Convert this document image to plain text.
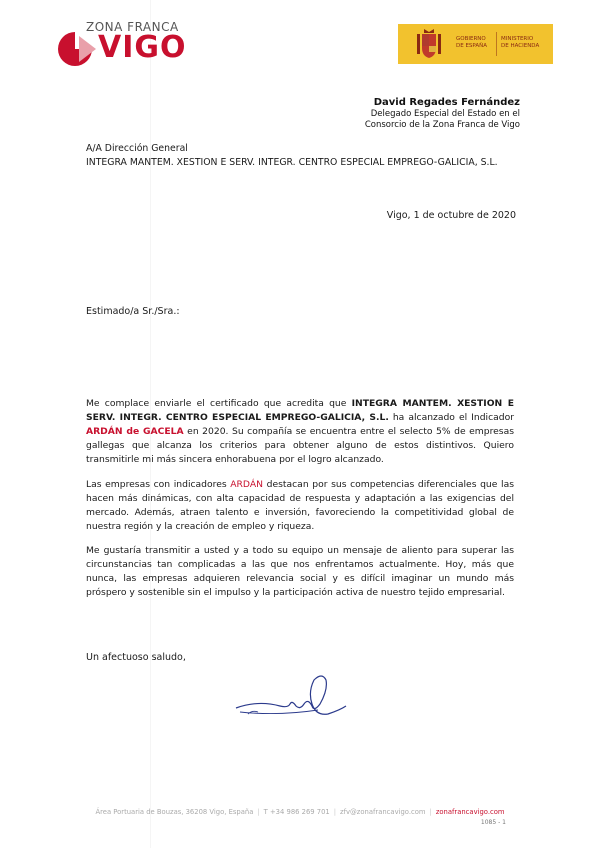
ZONA FRANCA
VIGO	GOBIERNO
DE ESPAÑA
MINISTERIO
DE HACIENDA
David Regades Fernández
Delegado Especial del Estado en el
Consorcio de la Zona Franca de Vigo
A/A Dirección General
INTEGRA MANTEM. XESTION E SERV. INTEGR. CENTRO ESPECIAL EMPREGO-GALICIA, S.L.
Vigo, 1 de octubre de 2020
Estimado/a Sr./Sra.:
Me complace enviarle el certificado que acredita que INTEGRA MANTEM. XESTION E SERV. INTEGR. CENTRO ESPECIAL EMPREGO-GALICIA, S.L. ha alcanzado el Indicador ARDÁN de GACELA en 2020. Su compañía se encuentra entre el selecto 5% de empresas gallegas que alcanza los criterios para obtener alguno de estos distintivos. Quiero transmitirle mi más sincera enhorabuena por el logro alcanzado.
Las empresas con indicadores ARDÁN destacan por sus competencias diferenciales que las hacen más dinámicas, con alta capacidad de respuesta y adaptación a las exigencias del mercado. Además, atraen talento e inversión, favoreciendo la competitividad global de nuestra región y la creación de empleo y riqueza.
Me gustaría transmitir a usted y a todo su equipo un mensaje de aliento para superar las circunstancias tan complicadas a las que nos enfrentamos actualmente. Hoy, más que nunca, las empresas adquieren relevancia social y es difícil imaginar un mundo más próspero y sostenible sin el impulso y la participación activa de nuestro tejido empresarial.
Un afectuoso saludo,
Área Portuaria de Bouzas, 36208 Vigo, España | T +34 986 269 701 | zfv@zonafrancavigo.com | zonafrancavigo.com
1085 - 1
